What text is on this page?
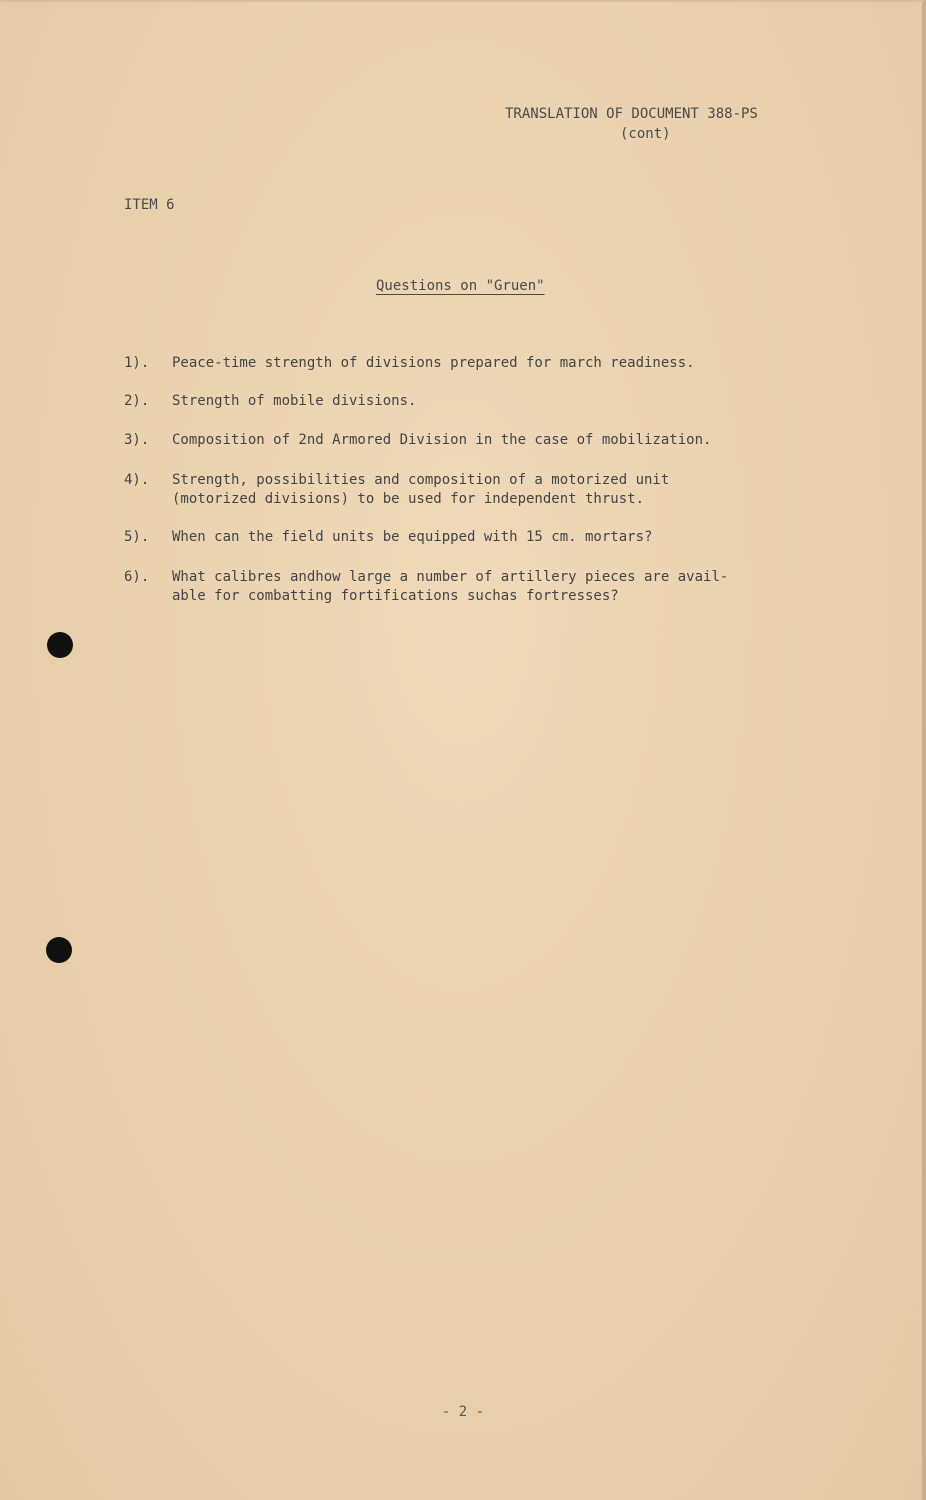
TRANSLATION OF DOCUMENT 388-PS
(cont)
ITEM 6
Questions on "Gruen"
1).	Peace-time strength of divisions prepared for march readiness.
2).	Strength of mobile divisions.
3).	Composition of 2nd Armored Division in the case of mobilization.
4).	Strength, possibilities and composition of a motorized unit
(motorized divisions) to be used for independent thrust.
5).	When can the field units be equipped with 15 cm. mortars?
6).	What calibres andhow large a number of artillery pieces are avail-
able for combatting fortifications suchas fortresses?
- 2 -
